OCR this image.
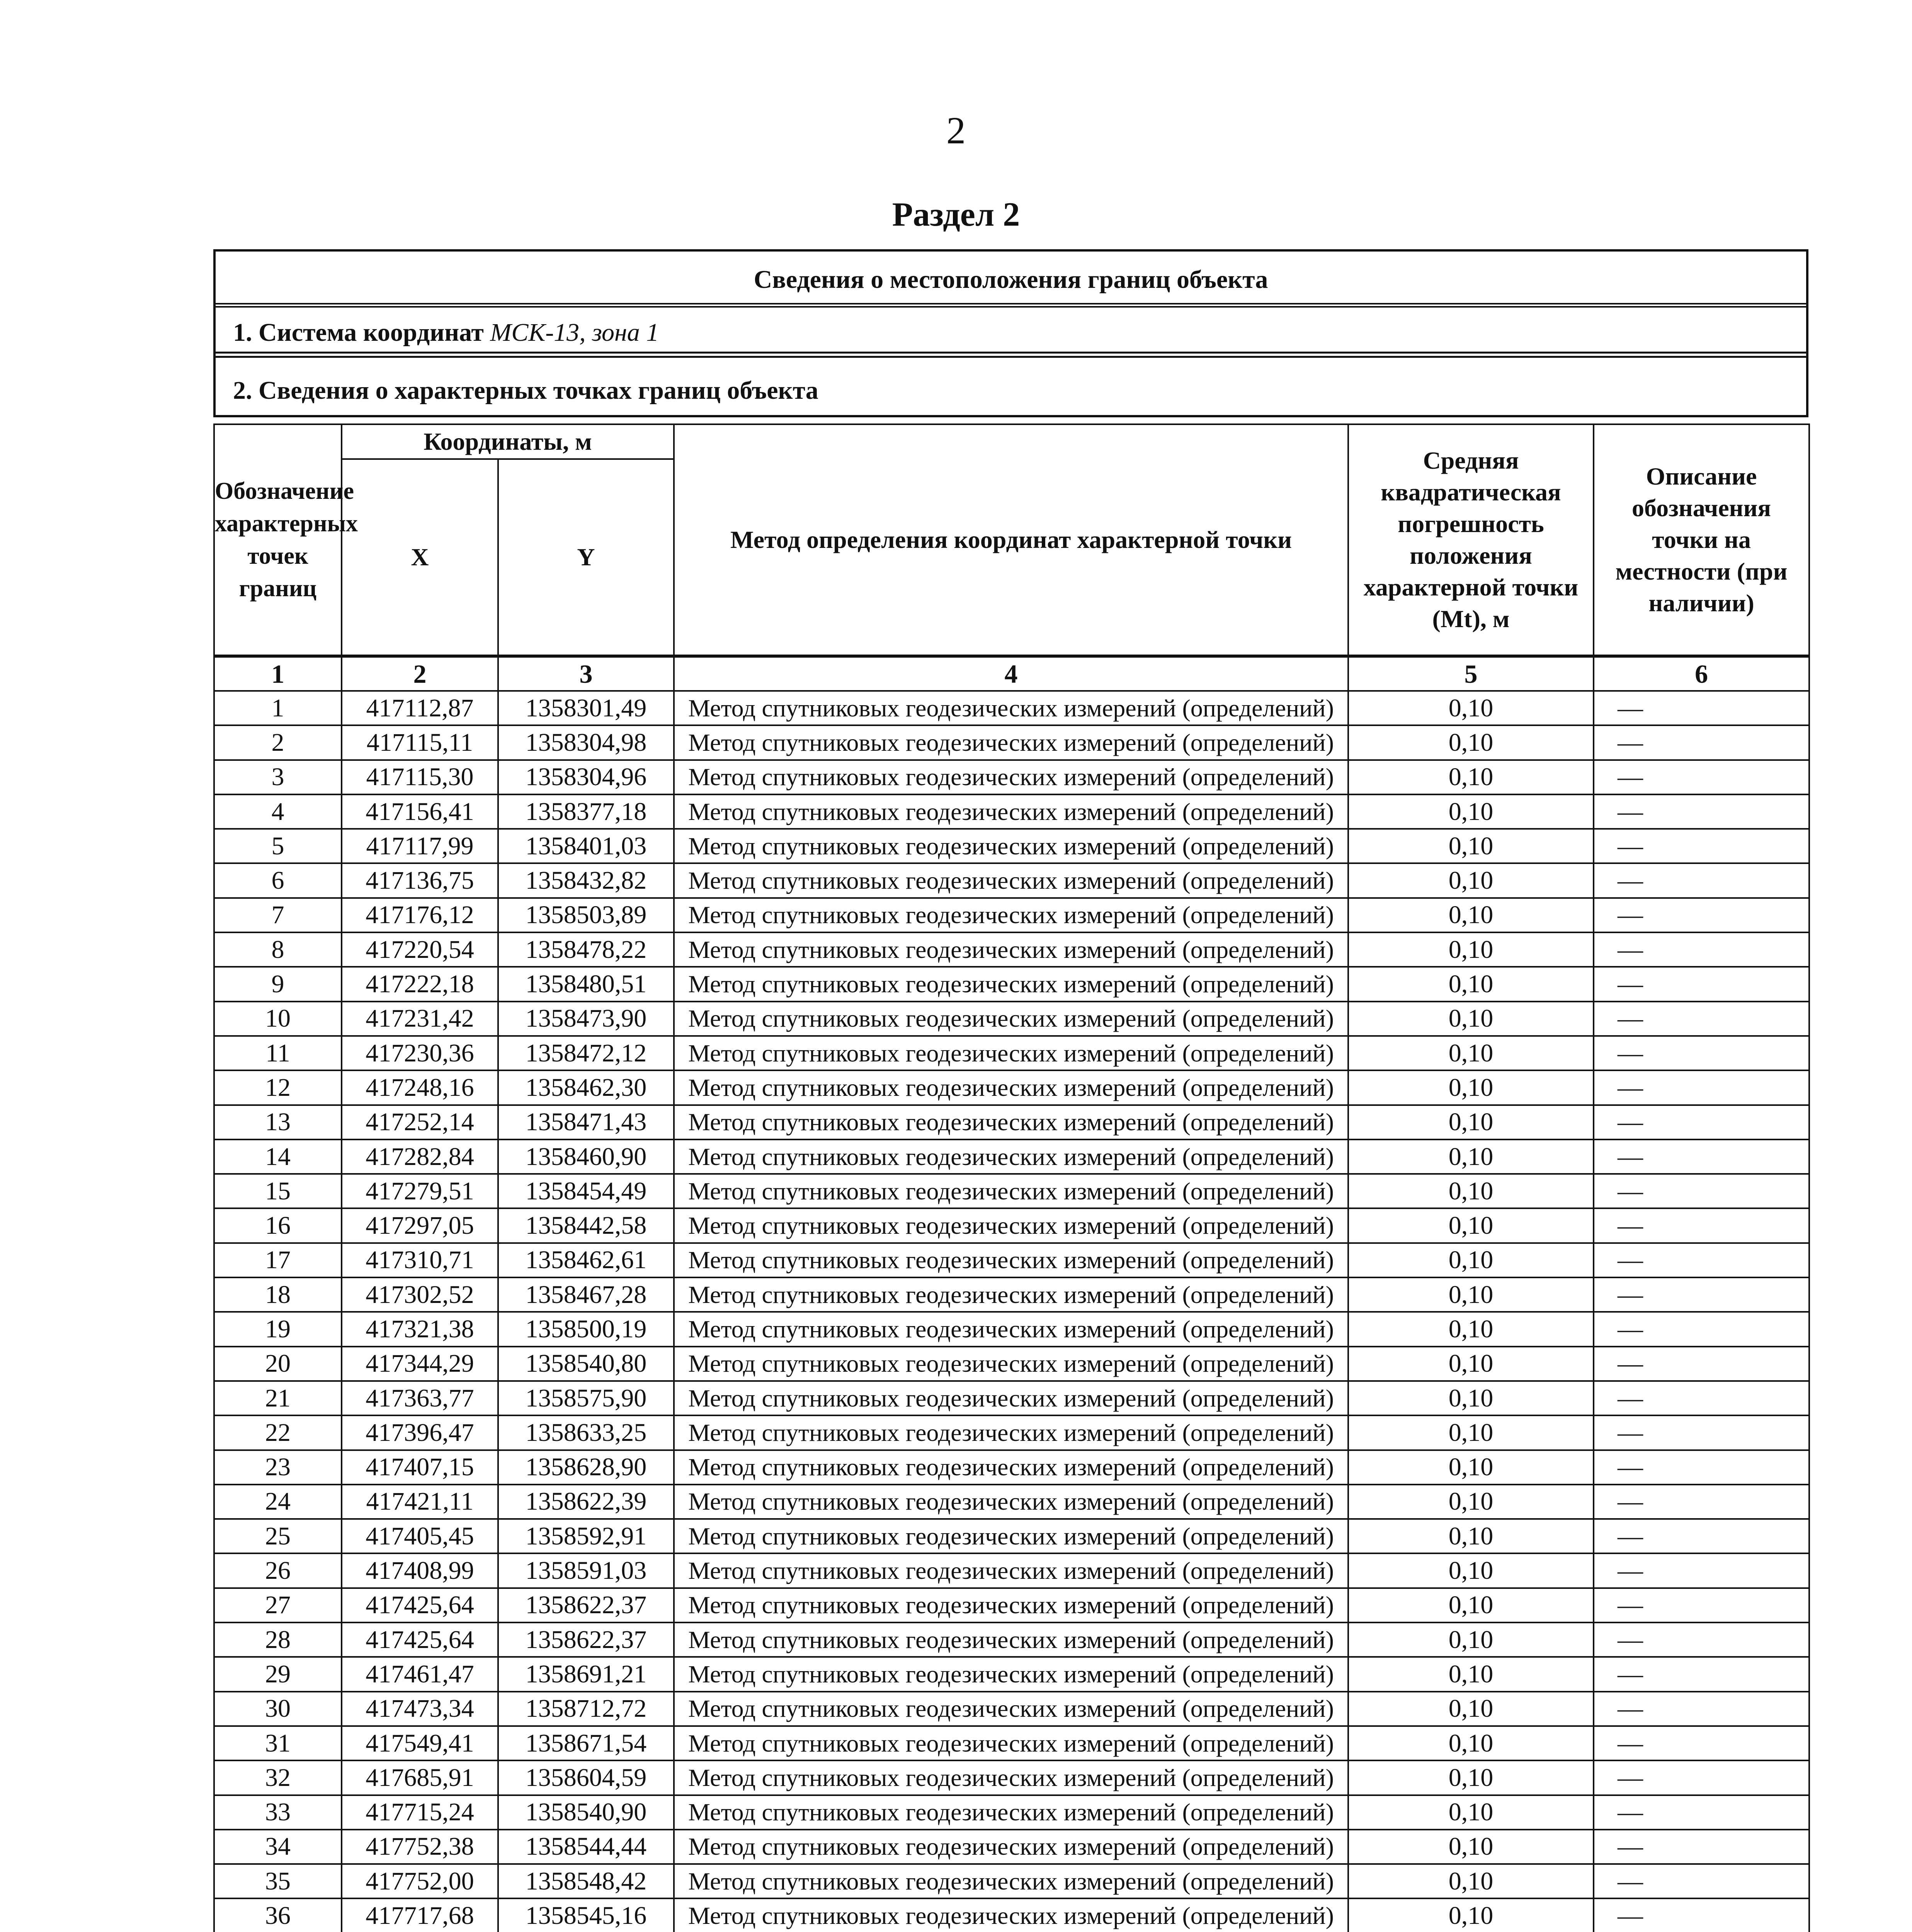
2
Раздел 2
Сведения о местоположения границ объекта
1. Система координат МСК-13, зона 1
2. Сведения о характерных точках границ объекта
Обозначение характерных точек границ	Координаты, м		Метод определения координат характерной точки	Средняя квадратическая погрешность положения характерной точки (Mt), м	Описание обозначения точки на местности (при наличии)
	X	Y			
1	2	3	4	5	6
1	417112,87	1358301,49	Метод спутниковых геодезических измерений (определений)	0,10	—
2	417115,11	1358304,98	Метод спутниковых геодезических измерений (определений)	0,10	—
3	417115,30	1358304,96	Метод спутниковых геодезических измерений (определений)	0,10	—
4	417156,41	1358377,18	Метод спутниковых геодезических измерений (определений)	0,10	—
5	417117,99	1358401,03	Метод спутниковых геодезических измерений (определений)	0,10	—
6	417136,75	1358432,82	Метод спутниковых геодезических измерений (определений)	0,10	—
7	417176,12	1358503,89	Метод спутниковых геодезических измерений (определений)	0,10	—
8	417220,54	1358478,22	Метод спутниковых геодезических измерений (определений)	0,10	—
9	417222,18	1358480,51	Метод спутниковых геодезических измерений (определений)	0,10	—
10	417231,42	1358473,90	Метод спутниковых геодезических измерений (определений)	0,10	—
11	417230,36	1358472,12	Метод спутниковых геодезических измерений (определений)	0,10	—
12	417248,16	1358462,30	Метод спутниковых геодезических измерений (определений)	0,10	—
13	417252,14	1358471,43	Метод спутниковых геодезических измерений (определений)	0,10	—
14	417282,84	1358460,90	Метод спутниковых геодезических измерений (определений)	0,10	—
15	417279,51	1358454,49	Метод спутниковых геодезических измерений (определений)	0,10	—
16	417297,05	1358442,58	Метод спутниковых геодезических измерений (определений)	0,10	—
17	417310,71	1358462,61	Метод спутниковых геодезических измерений (определений)	0,10	—
18	417302,52	1358467,28	Метод спутниковых геодезических измерений (определений)	0,10	—
19	417321,38	1358500,19	Метод спутниковых геодезических измерений (определений)	0,10	—
20	417344,29	1358540,80	Метод спутниковых геодезических измерений (определений)	0,10	—
21	417363,77	1358575,90	Метод спутниковых геодезических измерений (определений)	0,10	—
22	417396,47	1358633,25	Метод спутниковых геодезических измерений (определений)	0,10	—
23	417407,15	1358628,90	Метод спутниковых геодезических измерений (определений)	0,10	—
24	417421,11	1358622,39	Метод спутниковых геодезических измерений (определений)	0,10	—
25	417405,45	1358592,91	Метод спутниковых геодезических измерений (определений)	0,10	—
26	417408,99	1358591,03	Метод спутниковых геодезических измерений (определений)	0,10	—
27	417425,64	1358622,37	Метод спутниковых геодезических измерений (определений)	0,10	—
28	417425,64	1358622,37	Метод спутниковых геодезических измерений (определений)	0,10	—
29	417461,47	1358691,21	Метод спутниковых геодезических измерений (определений)	0,10	—
30	417473,34	1358712,72	Метод спутниковых геодезических измерений (определений)	0,10	—
31	417549,41	1358671,54	Метод спутниковых геодезических измерений (определений)	0,10	—
32	417685,91	1358604,59	Метод спутниковых геодезических измерений (определений)	0,10	—
33	417715,24	1358540,90	Метод спутниковых геодезических измерений (определений)	0,10	—
34	417752,38	1358544,44	Метод спутниковых геодезических измерений (определений)	0,10	—
35	417752,00	1358548,42	Метод спутниковых геодезических измерений (определений)	0,10	—
36	417717,68	1358545,16	Метод спутниковых геодезических измерений (определений)	0,10	—
